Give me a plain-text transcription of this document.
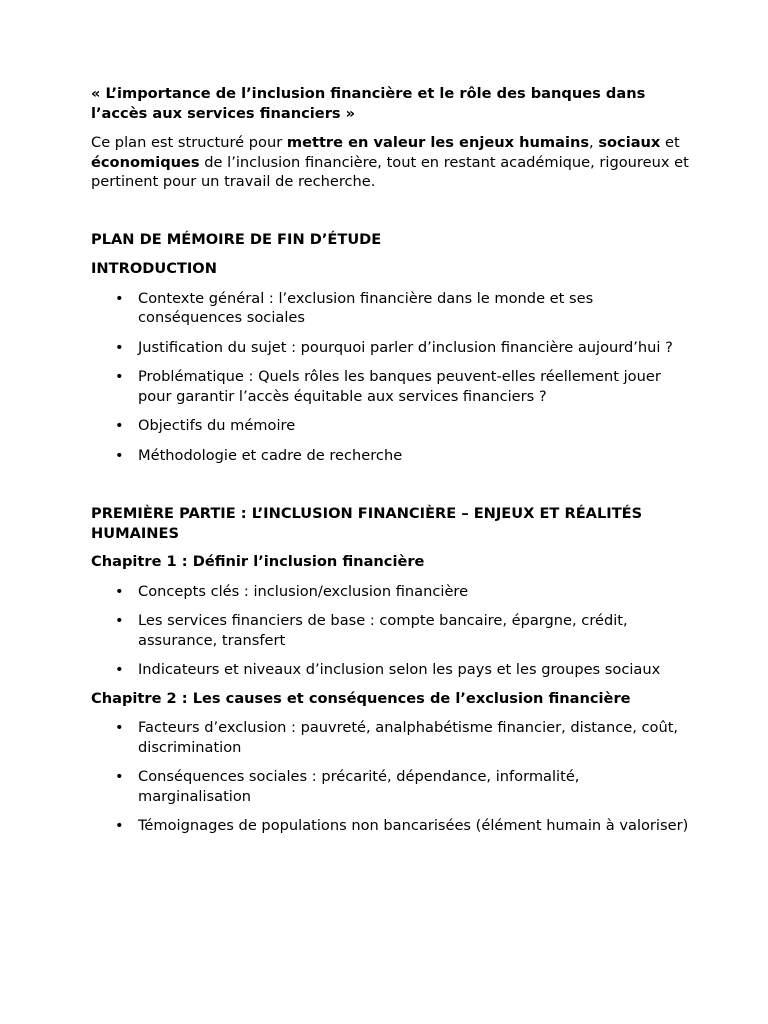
« L’importance de l’inclusion financière et le rôle des banques dans l’accès aux services financiers »

Ce plan est structuré pour mettre en valeur les enjeux humains, sociaux et économiques de l’inclusion financière, tout en restant académique, rigoureux et pertinent pour un travail de recherche.

PLAN DE MÉMOIRE DE FIN D’ÉTUDE

INTRODUCTION

• Contexte général : l’exclusion financière dans le monde et ses conséquences sociales
• Justification du sujet : pourquoi parler d’inclusion financière aujourd’hui ?
• Problématique : Quels rôles les banques peuvent-elles réellement jouer pour garantir l’accès équitable aux services financiers ?
• Objectifs du mémoire
• Méthodologie et cadre de recherche

PREMIÈRE PARTIE : L’INCLUSION FINANCIÈRE – ENJEUX ET RÉALITÉS HUMAINES

Chapitre 1 : Définir l’inclusion financière

• Concepts clés : inclusion/exclusion financière
• Les services financiers de base : compte bancaire, épargne, crédit, assurance, transfert
• Indicateurs et niveaux d’inclusion selon les pays et les groupes sociaux

Chapitre 2 : Les causes et conséquences de l’exclusion financière

• Facteurs d’exclusion : pauvreté, analphabétisme financier, distance, coût, discrimination
• Conséquences sociales : précarité, dépendance, informalité, marginalisation
• Témoignages de populations non bancarisées (élément humain à valoriser)
